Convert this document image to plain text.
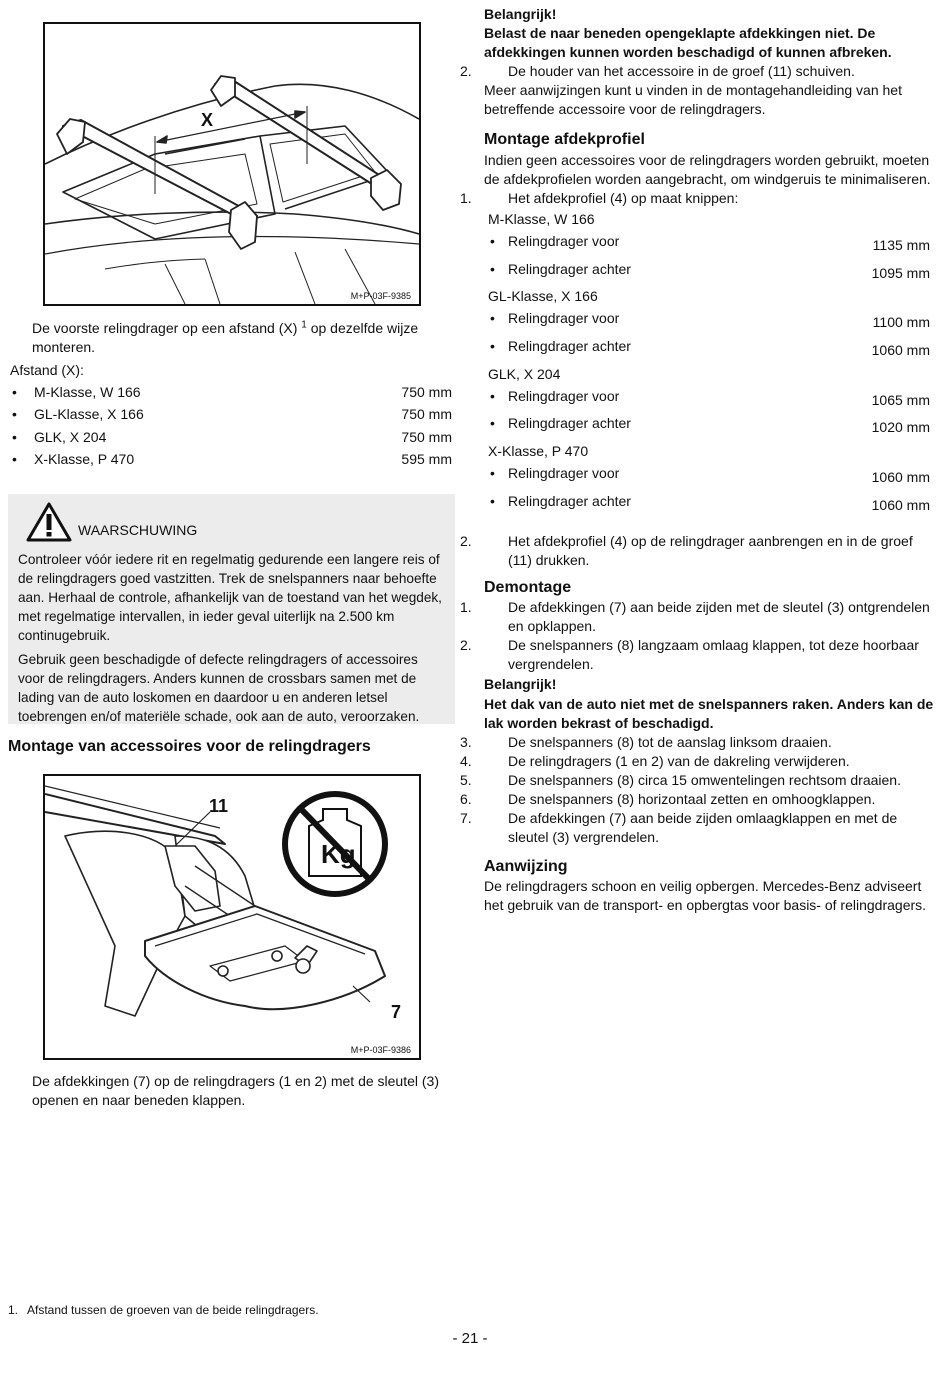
X
M+P-03F-9385

De voorste relingdrager op een afstand (X) $^1$ op dezelfde wijze monteren.

Afstand (X):

• M-Klasse, W 166	750 mm
• GL-Klasse, X 166	750 mm
• GLK, X 204	750 mm
• X-Klasse, P 470	595 mm
WAARSCHUWING

Controleer vóór iedere rit en regelmatig gedurende een langere reis of de relingdragers goed vastzitten. Trek de snelspanners naar behoefte aan. Herhaal de controle, afhankelijk van de toestand van het wegdek, met regelmatige intervallen, in ieder geval uiterlijk na 2.500 km continugebruik.

Gebruik geen beschadigde of defecte relingdragers of accessoires voor de relingdragers. Anders kunnen de crossbars samen met de lading van de auto loskomen en daardoor u en anderen letsel toebrengen en/of materiële schade, ook aan de auto, veroorzaken.

Montage van accessoires voor de relingdragers
Kg
11
7
M+P-03F-9386

De afdekkingen (7) op de relingdragers (1 en 2) met de sleutel (3) openen en naar beneden klappen.

1. Afstand tussen de groeven van de beide relingdragers.
- 21 -

Belangrijk!

Belast de naar beneden opengeklapte afdekkingen niet. De afdekkingen kunnen worden beschadigd of kunnen afbreken.

2.	De houder van het accessoire in de groef (11) schuiven.

Meer aanwijzingen kunt u vinden in de montagehandleiding van het betreffende accessoire voor de relingdragers.

Montage afdekprofiel

Indien geen accessoires voor de relingdragers worden gebruikt, moeten de afdekprofielen worden aangebracht, om windgeruis te minimaliseren.

1.	Het afdekprofiel (4) op maat knippen:

M-Klasse, W 166

• Relingdrager voor	1135 mm
• Relingdrager achter	1095 mm

GL-Klasse, X 166

• Relingdrager voor	1100 mm
• Relingdrager achter	1060 mm

GLK, X 204

• Relingdrager voor	1065 mm
• Relingdrager achter	1020 mm

X-Klasse, P 470

• Relingdrager voor	1060 mm
• Relingdrager achter	1060 mm

2.	Het afdekprofiel (4) op de relingdrager aanbrengen en in de groef (11) drukken.

Demontage

1.	De afdekkingen (7) aan beide zijden met de sleutel (3) ontgrendelen en opklappen.

2.	De snelspanners (8) langzaam omlaag klappen, tot deze hoorbaar vergrendelen.

Belangrijk!

Het dak van de auto niet met de snelspanners raken. Anders kan de lak worden bekrast of beschadigd.

3.	De snelspanners (8) tot de aanslag linksom draaien.

4.	De relingdragers (1 en 2) van de dakreling verwijderen.

5.	De snelspanners (8) circa 15 omwentelingen rechtsom draaien.

6.	De snelspanners (8) horizontaal zetten en omhoogklappen.

7.	De afdekkingen (7) aan beide zijden omlaagklappen en met de sleutel (3) vergrendelen.

Aanwijzing
De relingdragers schoon en veilig opbergen. Mercedes-Benz adviseert het gebruik van de transport- en opbergtas voor basis- of relingdragers.
